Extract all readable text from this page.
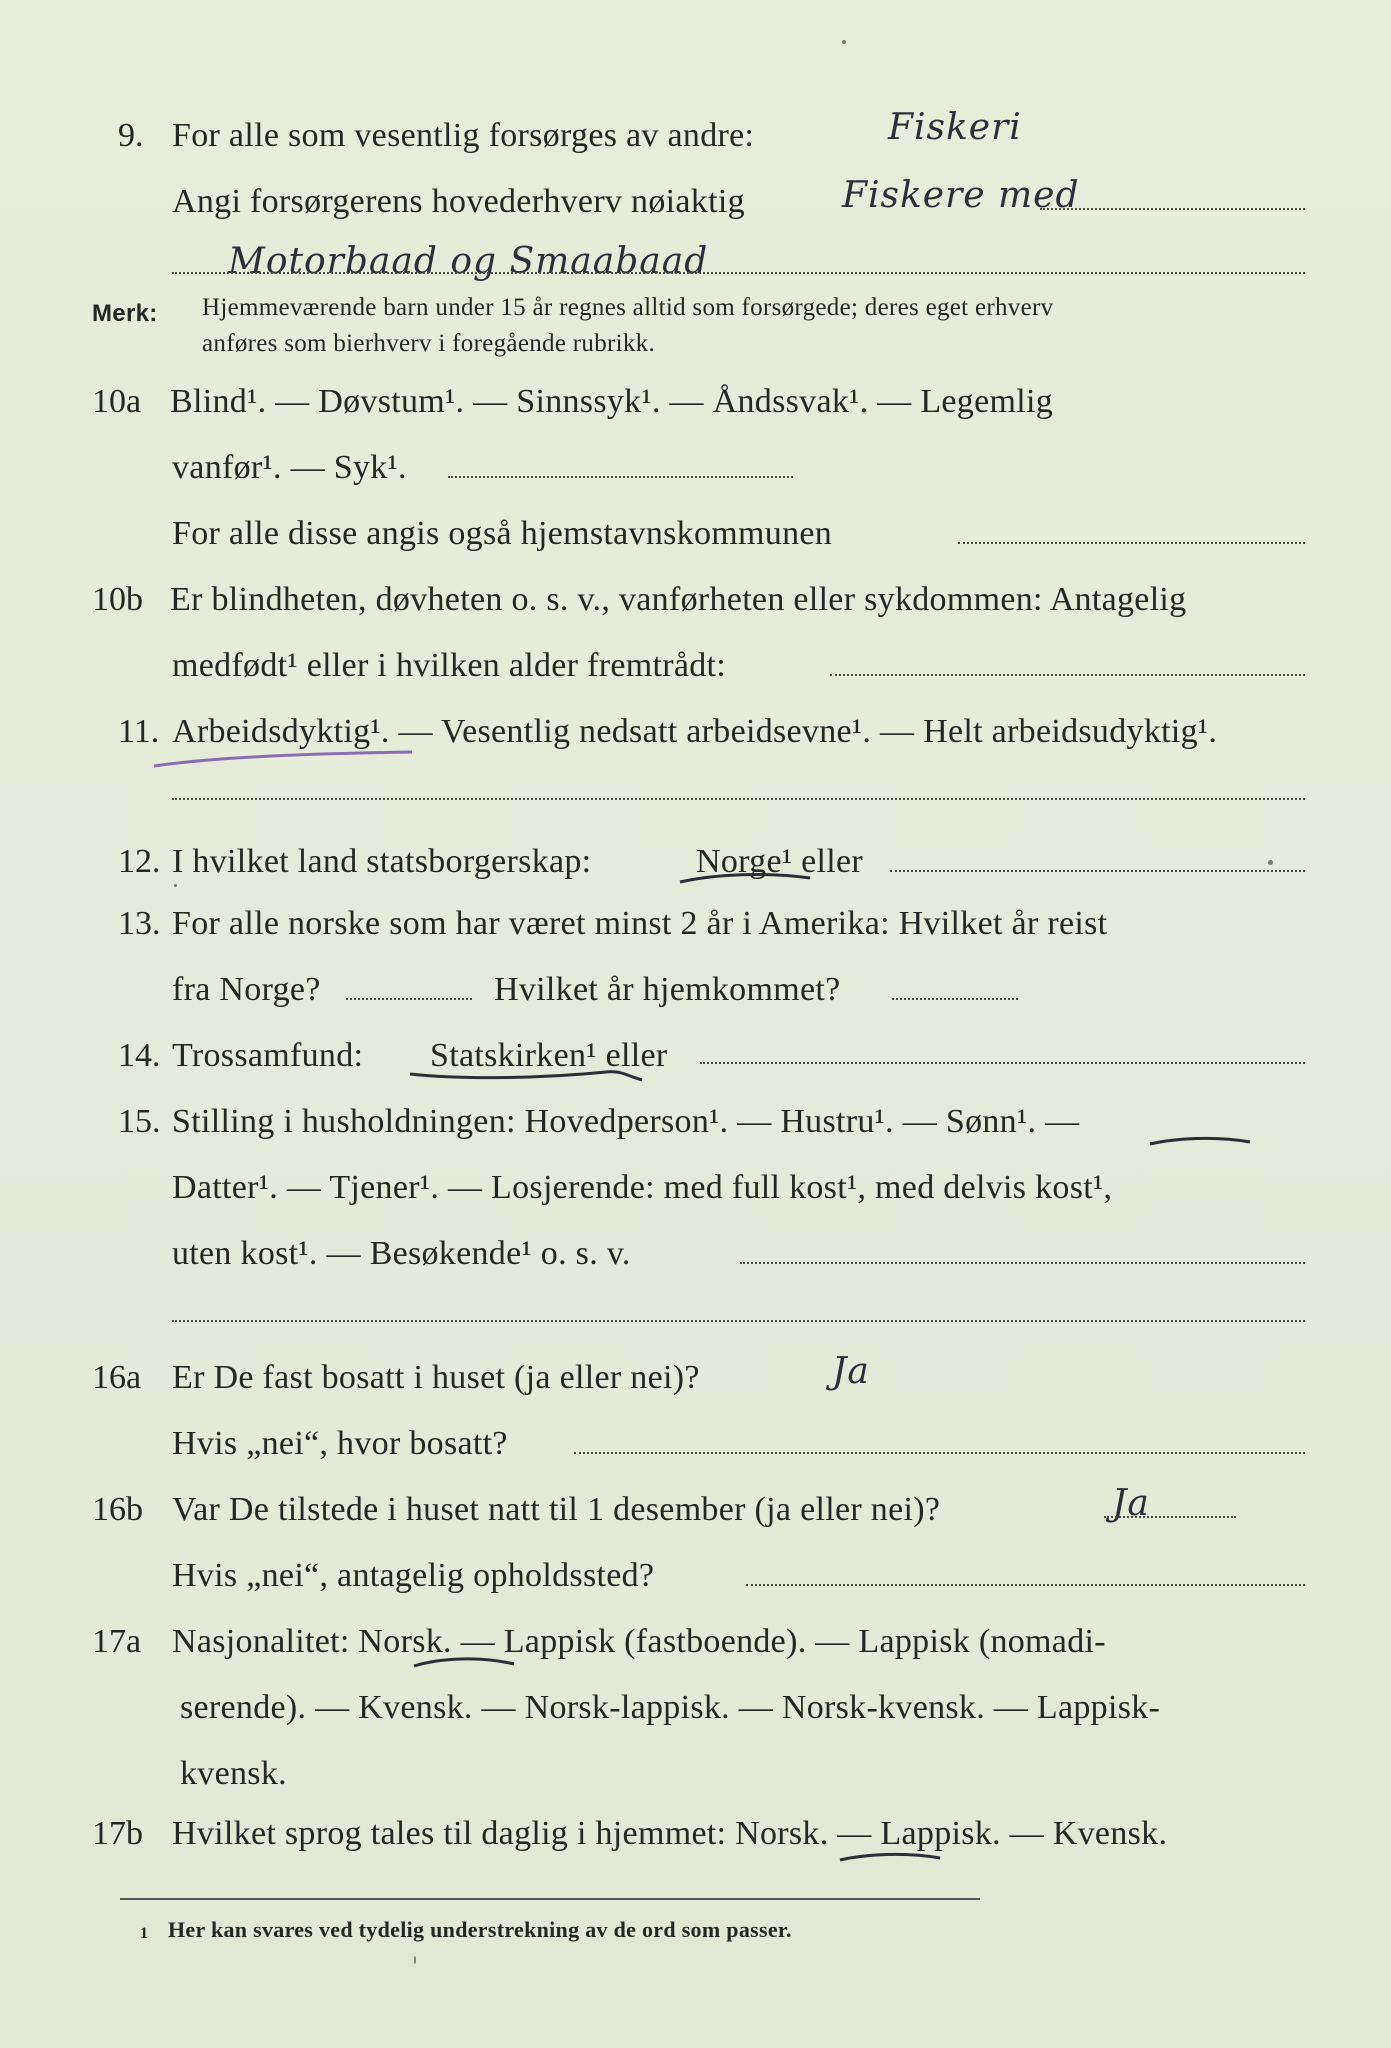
9. For alle som vesentlig forsørges av andre:	Fiskeri
Angi forsørgerens hovederhverv nøiaktig	Fiskere med
Motorbaad og Smaabaad
Merk: Hjemmeværende barn under 15 år regnes alltid som forsørgede; deres eget erhverv
anføres som bierhverv i foregående rubrikk.
10a Blind¹. — Døvstum¹. — Sinnssyk¹. — Åndssvak¹. — Legemlig
vanfør¹. — Syk¹.
For alle disse angis også hjemstavnskommunen
10b Er blindheten, døvheten o. s. v., vanførheten eller sykdommen: Antagelig
medfødt¹ eller i hvilken alder fremtrådt:
11. Arbeidsdyktig¹. — Vesentlig nedsatt arbeidsevne¹. — Helt arbeidsudyktig¹.
12. I hvilket land statsborgerskap:	Norge¹ eller
13. For alle norske som har været minst 2 år i Amerika: Hvilket år reist
fra Norge?	Hvilket år hjemkommet?
14. Trossamfund: Statskirken¹ eller
15. Stilling i husholdningen: Hovedperson¹. — Hustru¹. — Sønn¹. —
Datter¹. — Tjener¹. — Losjerende: med full kost¹, med delvis kost¹,
uten kost¹. — Besøkende¹ o. s. v.
16a Er De fast bosatt i huset (ja eller nei)?	Ja
Hvis „nei“, hvor bosatt?
16b Var De tilstede i huset natt til 1 desember (ja eller nei)?	Ja
Hvis „nei“, antagelig opholdssted?
17a Nasjonalitet: Norsk. — Lappisk (fastboende). — Lappisk (nomadi-
serende). — Kvensk. — Norsk-lappisk. — Norsk-kvensk. — Lappisk-
kvensk.
17b Hvilket sprog tales til daglig i hjemmet: Norsk. — Lappisk. — Kvensk.
1 Her kan svares ved tydelig understrekning av de ord som passer.
